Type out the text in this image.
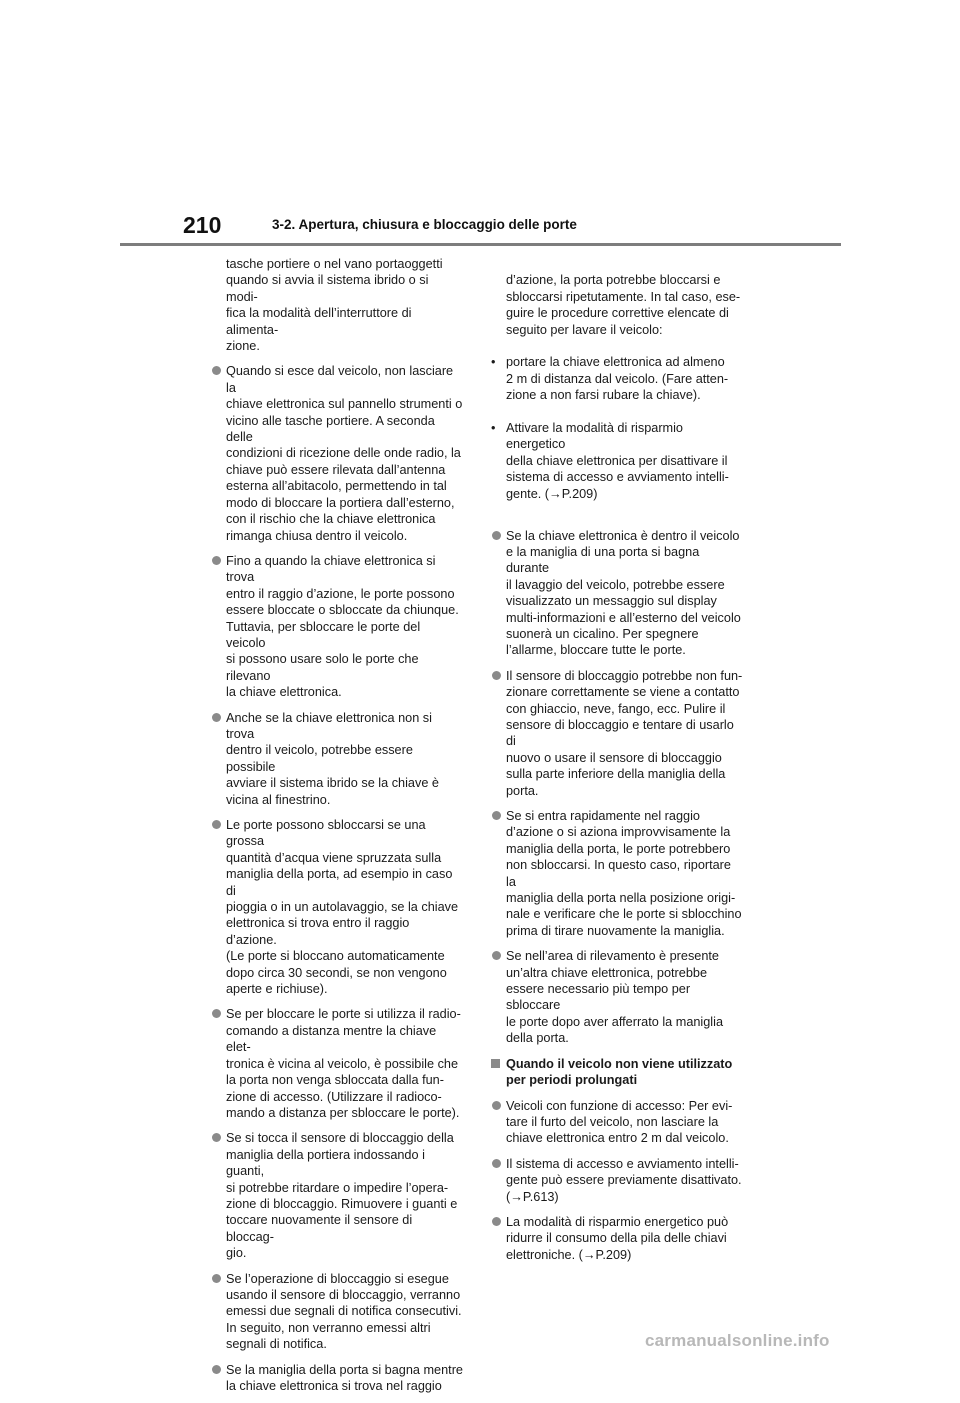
210	3-2. Apertura, chiusura e bloccaggio delle porte

tasche portiere o nel vano portaoggetti
quando si avvia il sistema ibrido o si modi-
fica la modalità dell’interruttore di alimenta-
zione.

Quando si esce dal veicolo, non lasciare la
chiave elettronica sul pannello strumenti o
vicino alle tasche portiere. A seconda delle
condizioni di ricezione delle onde radio, la
chiave può essere rilevata dall’antenna
esterna all’abitacolo, permettendo in tal
modo di bloccare la portiera dall’esterno,
con il rischio che la chiave elettronica
rimanga chiusa dentro il veicolo.
Fino a quando la chiave elettronica si trova
entro il raggio d’azione, le porte possono
essere bloccate o sbloccate da chiunque.
Tuttavia, per sbloccare le porte del veicolo
si possono usare solo le porte che rilevano
la chiave elettronica.
Anche se la chiave elettronica non si trova
dentro il veicolo, potrebbe essere possibile
avviare il sistema ibrido se la chiave è
vicina al finestrino.
Le porte possono sbloccarsi se una grossa
quantità d’acqua viene spruzzata sulla
maniglia della porta, ad esempio in caso di
pioggia o in un autolavaggio, se la chiave
elettronica si trova entro il raggio d’azione.
(Le porte si bloccano automaticamente
dopo circa 30 secondi, se non vengono
aperte e richiuse).
Se per bloccare le porte si utilizza il radio-
comando a distanza mentre la chiave elet-
tronica è vicina al veicolo, è possibile che
la porta non venga sbloccata dalla fun-
zione di accesso. (Utilizzare il radioco-
mando a distanza per sbloccare le porte).
Se si tocca il sensore di bloccaggio della
maniglia della portiera indossando i guanti,
si potrebbe ritardare o impedire l’opera-
zione di bloccaggio. Rimuovere i guanti e
toccare nuovamente il sensore di bloccag-
gio.
Se l’operazione di bloccaggio si esegue
usando il sensore di bloccaggio, verranno
emessi due segnali di notifica consecutivi.
In seguito, non verranno emessi altri
segnali di notifica.
Se la maniglia della porta si bagna mentre
la chiave elettronica si trova nel raggio

d’azione, la porta potrebbe bloccarsi e
sbloccarsi ripetutamente. In tal caso, ese-
guire le procedure correttive elencate di
seguito per lavare il veicolo:

• portare la chiave elettronica ad almeno
2 m di distanza dal veicolo. (Fare atten-
zione a non farsi rubare la chiave).

• Attivare la modalità di risparmio energetico
della chiave elettronica per disattivare il
sistema di accesso e avviamento intelli-
gente. (→P.209)

Se la chiave elettronica è dentro il veicolo
e la maniglia di una porta si bagna durante
il lavaggio del veicolo, potrebbe essere
visualizzato un messaggio sul display
multi-informazioni e all’esterno del veicolo
suonerà un cicalino. Per spegnere
l’allarme, bloccare tutte le porte.
Il sensore di bloccaggio potrebbe non fun-
zionare correttamente se viene a contatto
con ghiaccio, neve, fango, ecc. Pulire il
sensore di bloccaggio e tentare di usarlo di
nuovo o usare il sensore di bloccaggio
sulla parte inferiore della maniglia della
porta.
Se si entra rapidamente nel raggio
d’azione o si aziona improvvisamente la
maniglia della porta, le porte potrebbero
non sbloccarsi. In questo caso, riportare la
maniglia della porta nella posizione origi-
nale e verificare che le porte si sblocchino
prima di tirare nuovamente la maniglia.
Se nell’area di rilevamento è presente
un’altra chiave elettronica, potrebbe
essere necessario più tempo per sbloccare
le porte dopo aver afferrato la maniglia
della porta.
Quando il veicolo non viene utilizzato
per periodi prolungati
Veicoli con funzione di accesso: Per evi-
tare il furto del veicolo, non lasciare la
chiave elettronica entro 2 m dal veicolo.
Il sistema di accesso e avviamento intelli-
gente può essere previamente disattivato.
(→P.613)
La modalità di risparmio energetico può
ridurre il consumo della pila delle chiavi
elettroniche. (→P.209)
carmanualsonline.info
